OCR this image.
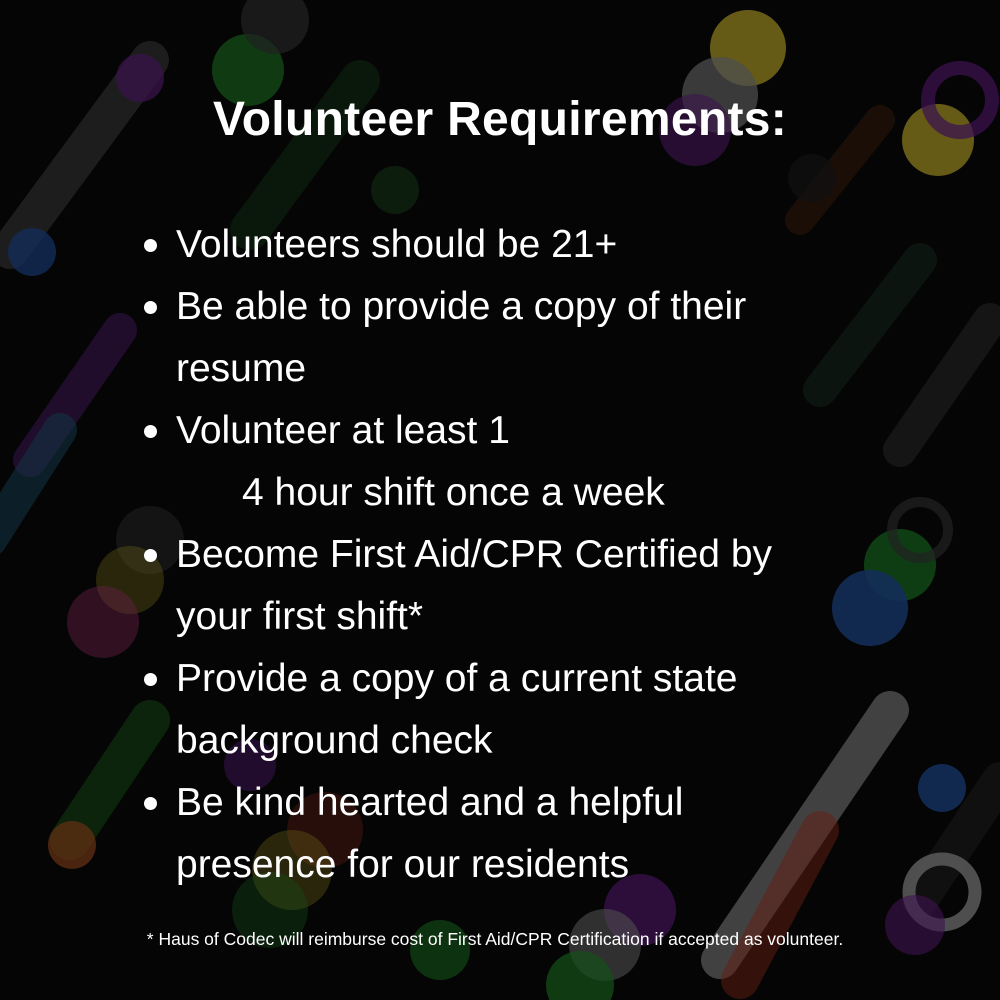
Volunteer Requirements:
Volunteers should be 21+
Be able to provide a copy of their
resume
Volunteer at least 1
4 hour shift once a week
Become First Aid/CPR Certified by
your first shift*
Provide a copy of a current state
background check
Be kind hearted and a helpful
presence for our residents

* Haus of Codec will reimburse cost of First Aid/CPR Certification if accepted as volunteer.
